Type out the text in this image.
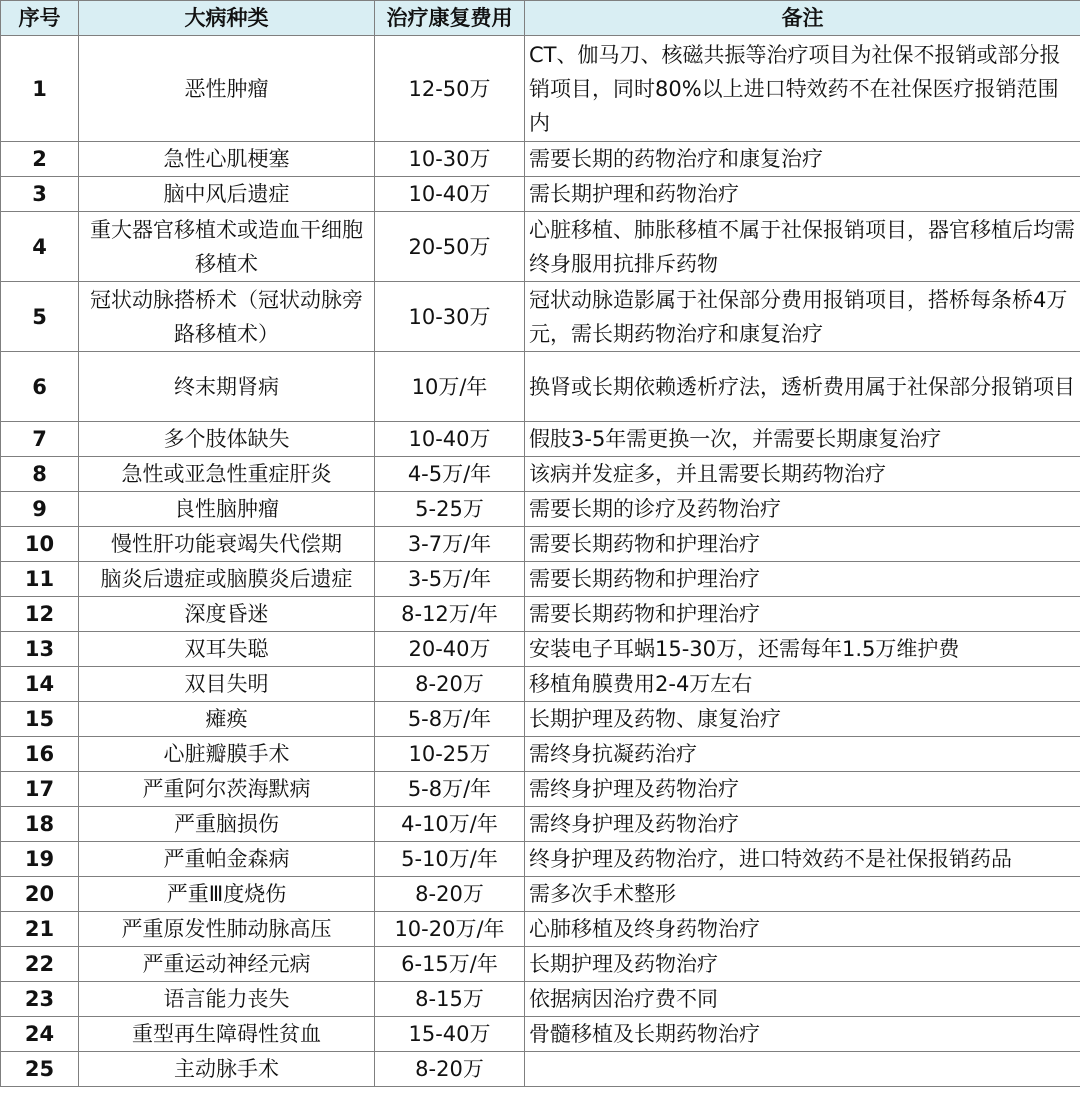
序号	大病种类	治疗康复费用	备注
1	恶性肿瘤	12-50万	CT、伽马刀、核磁共振等治疗项目为社保不报销或部分报销项目，同时80%以上进口特效药不在社保医疗报销范围内
2	急性心肌梗塞	10-30万	需要长期的药物治疗和康复治疗
3	脑中风后遗症	10-40万	需长期护理和药物治疗
4	重大器官移植术或造血干细胞移植术	20-50万	心脏移植、肺胀移植不属于社保报销项目，器官移植后均需终身服用抗排斥药物
5	冠状动脉搭桥术（冠状动脉旁路移植术）	10-30万	冠状动脉造影属于社保部分费用报销项目，搭桥每条桥4万元，需长期药物治疗和康复治疗
6	终末期肾病	10万/年	换肾或长期依赖透析疗法，透析费用属于社保部分报销项目
7	多个肢体缺失	10-40万	假肢3-5年需更换一次，并需要长期康复治疗
8	急性或亚急性重症肝炎	4-5万/年	该病并发症多，并且需要长期药物治疗
9	良性脑肿瘤	5-25万	需要长期的诊疗及药物治疗
10	慢性肝功能衰竭失代偿期	3-7万/年	需要长期药物和护理治疗
11	脑炎后遗症或脑膜炎后遗症	3-5万/年	需要长期药物和护理治疗
12	深度昏迷	8-12万/年	需要长期药物和护理治疗
13	双耳失聪	20-40万	安装电子耳蜗15-30万，还需每年1.5万维护费
14	双目失明	8-20万	移植角膜费用2-4万左右
15	瘫痪	5-8万/年	长期护理及药物、康复治疗
16	心脏瓣膜手术	10-25万	需终身抗凝药治疗
17	严重阿尔茨海默病	5-8万/年	需终身护理及药物治疗
18	严重脑损伤	4-10万/年	需终身护理及药物治疗
19	严重帕金森病	5-10万/年	终身护理及药物治疗，进口特效药不是社保报销药品
20	严重Ⅲ度烧伤	8-20万	需多次手术整形
21	严重原发性肺动脉高压	10-20万/年	心肺移植及终身药物治疗
22	严重运动神经元病	6-15万/年	长期护理及药物治疗
23	语言能力丧失	8-15万	依据病因治疗费不同
24	重型再生障碍性贫血	15-40万	骨髓移植及长期药物治疗
25	主动脉手术	8-20万	
